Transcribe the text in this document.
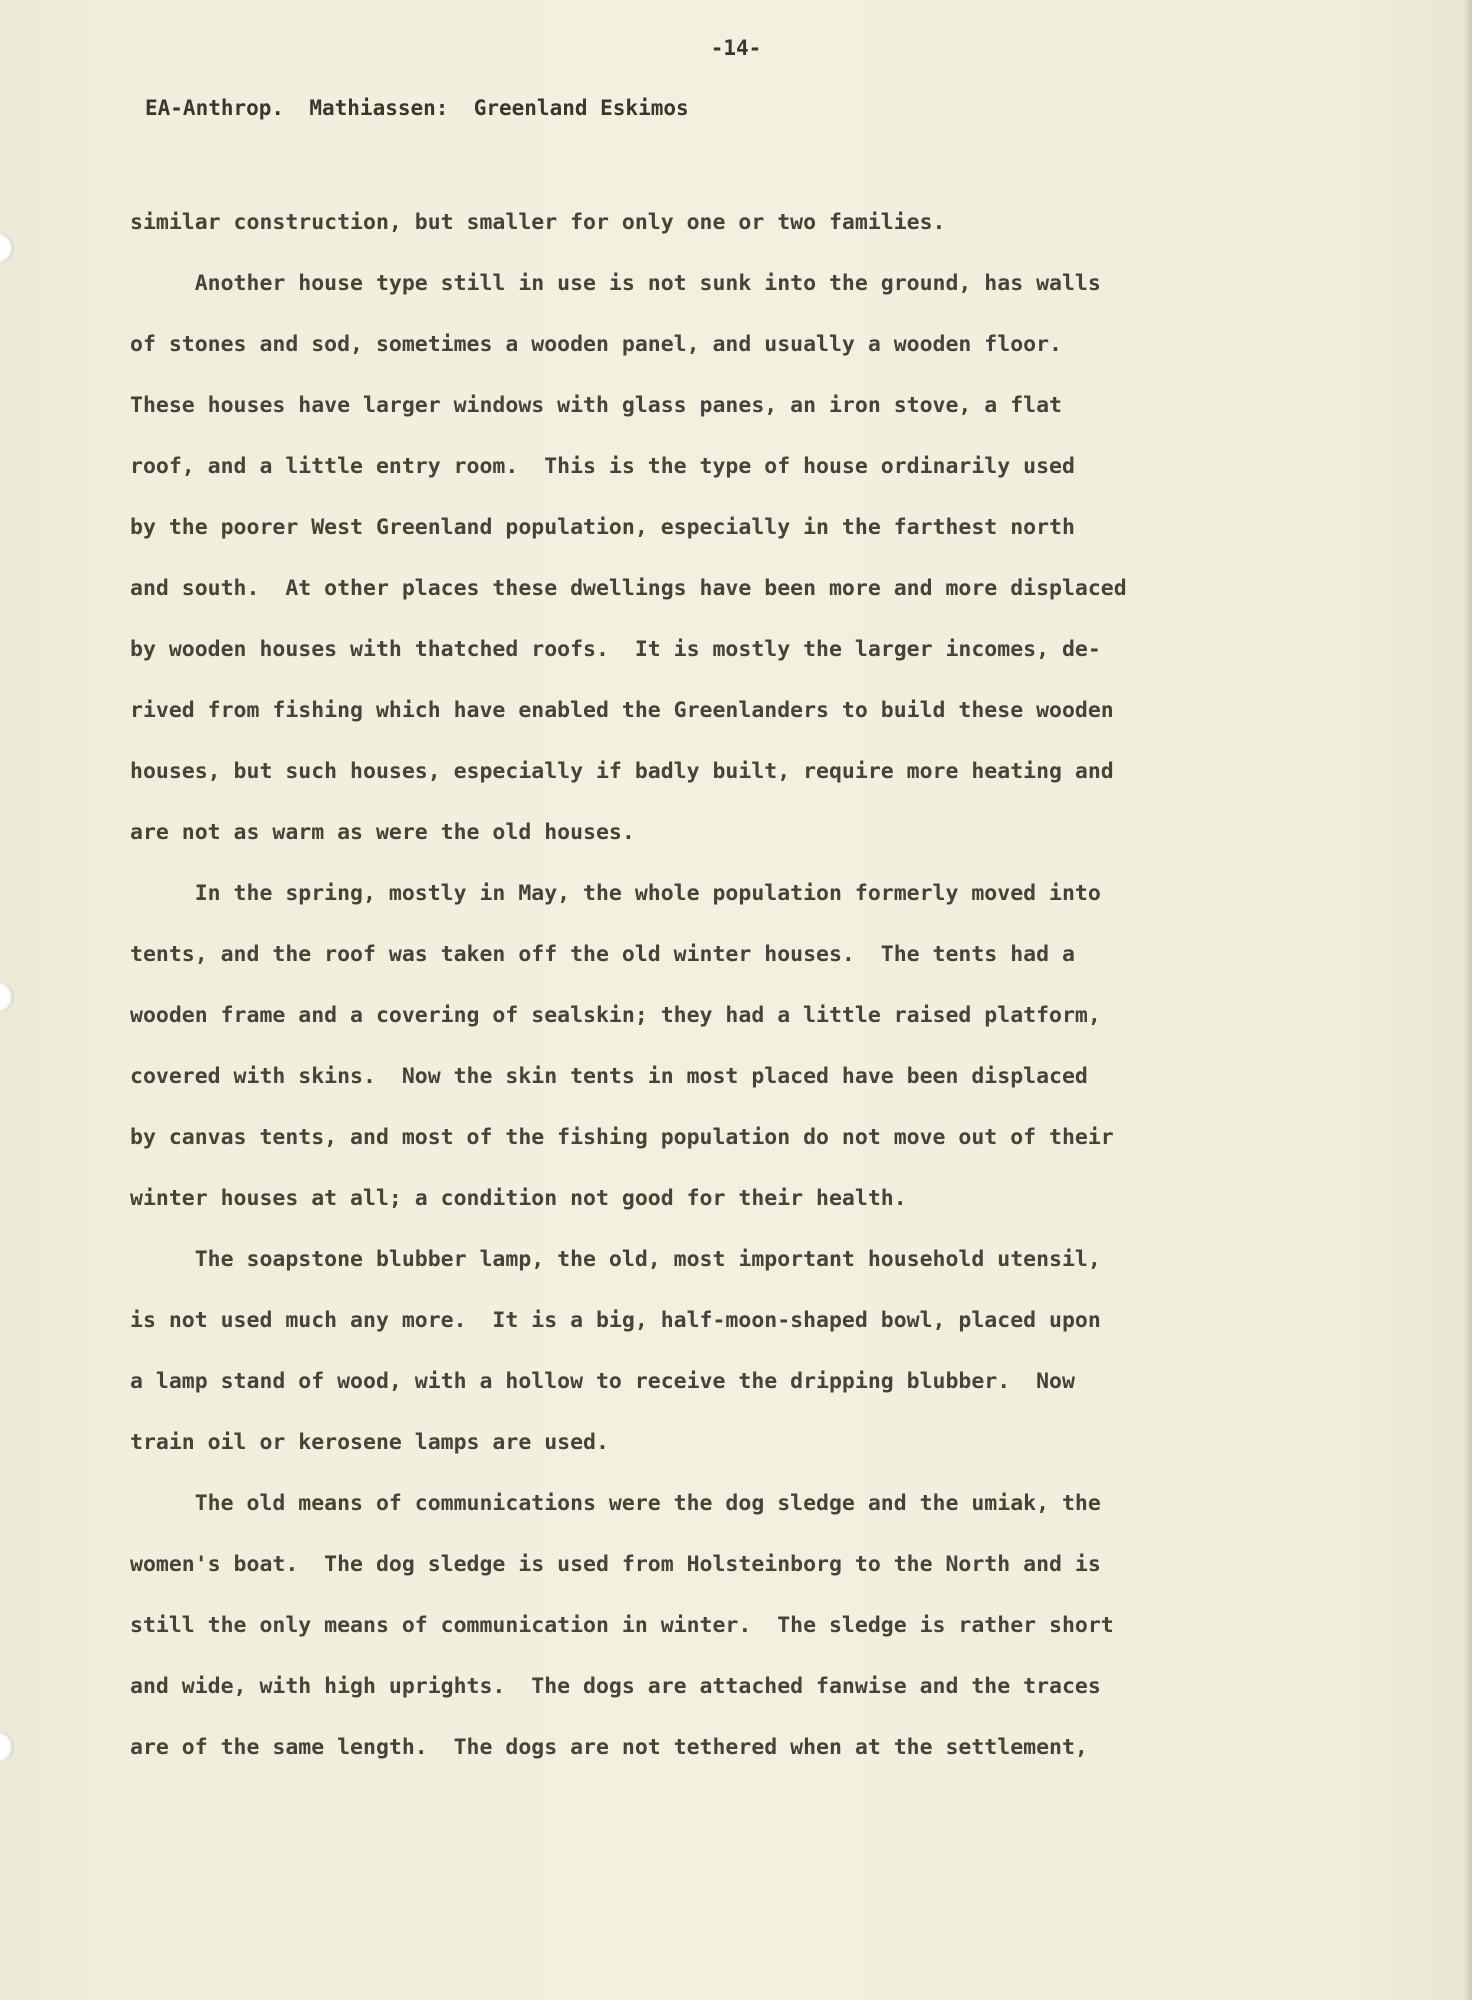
-14-

EA-Anthrop.  Mathiassen:  Greenland Eskimos

similar construction, but smaller for only one or two families.

Another house type still in use is not sunk into the ground, has walls

of stones and sod, sometimes a wooden panel, and usually a wooden floor.

These houses have larger windows with glass panes, an iron stove, a flat

roof, and a little entry room.  This is the type of house ordinarily used

by the poorer West Greenland population, especially in the farthest north

and south.  At other places these dwellings have been more and more displaced

by wooden houses with thatched roofs.  It is mostly the larger incomes, de-

rived from fishing which have enabled the Greenlanders to build these wooden

houses, but such houses, especially if badly built, require more heating and

are not as warm as were the old houses.

In the spring, mostly in May, the whole population formerly moved into

tents, and the roof was taken off the old winter houses.  The tents had a

wooden frame and a covering of sealskin; they had a little raised platform,

covered with skins.  Now the skin tents in most placed have been displaced

by canvas tents, and most of the fishing population do not move out of their

winter houses at all; a condition not good for their health.

The soapstone blubber lamp, the old, most important household utensil,

is not used much any more.  It is a big, half-moon-shaped bowl, placed upon

a lamp stand of wood, with a hollow to receive the dripping blubber.  Now

train oil or kerosene lamps are used.

The old means of communications were the dog sledge and the umiak, the

women's boat.  The dog sledge is used from Holsteinborg to the North and is

still the only means of communication in winter.  The sledge is rather short

and wide, with high uprights.  The dogs are attached fanwise and the traces

are of the same length.  The dogs are not tethered when at the settlement,
